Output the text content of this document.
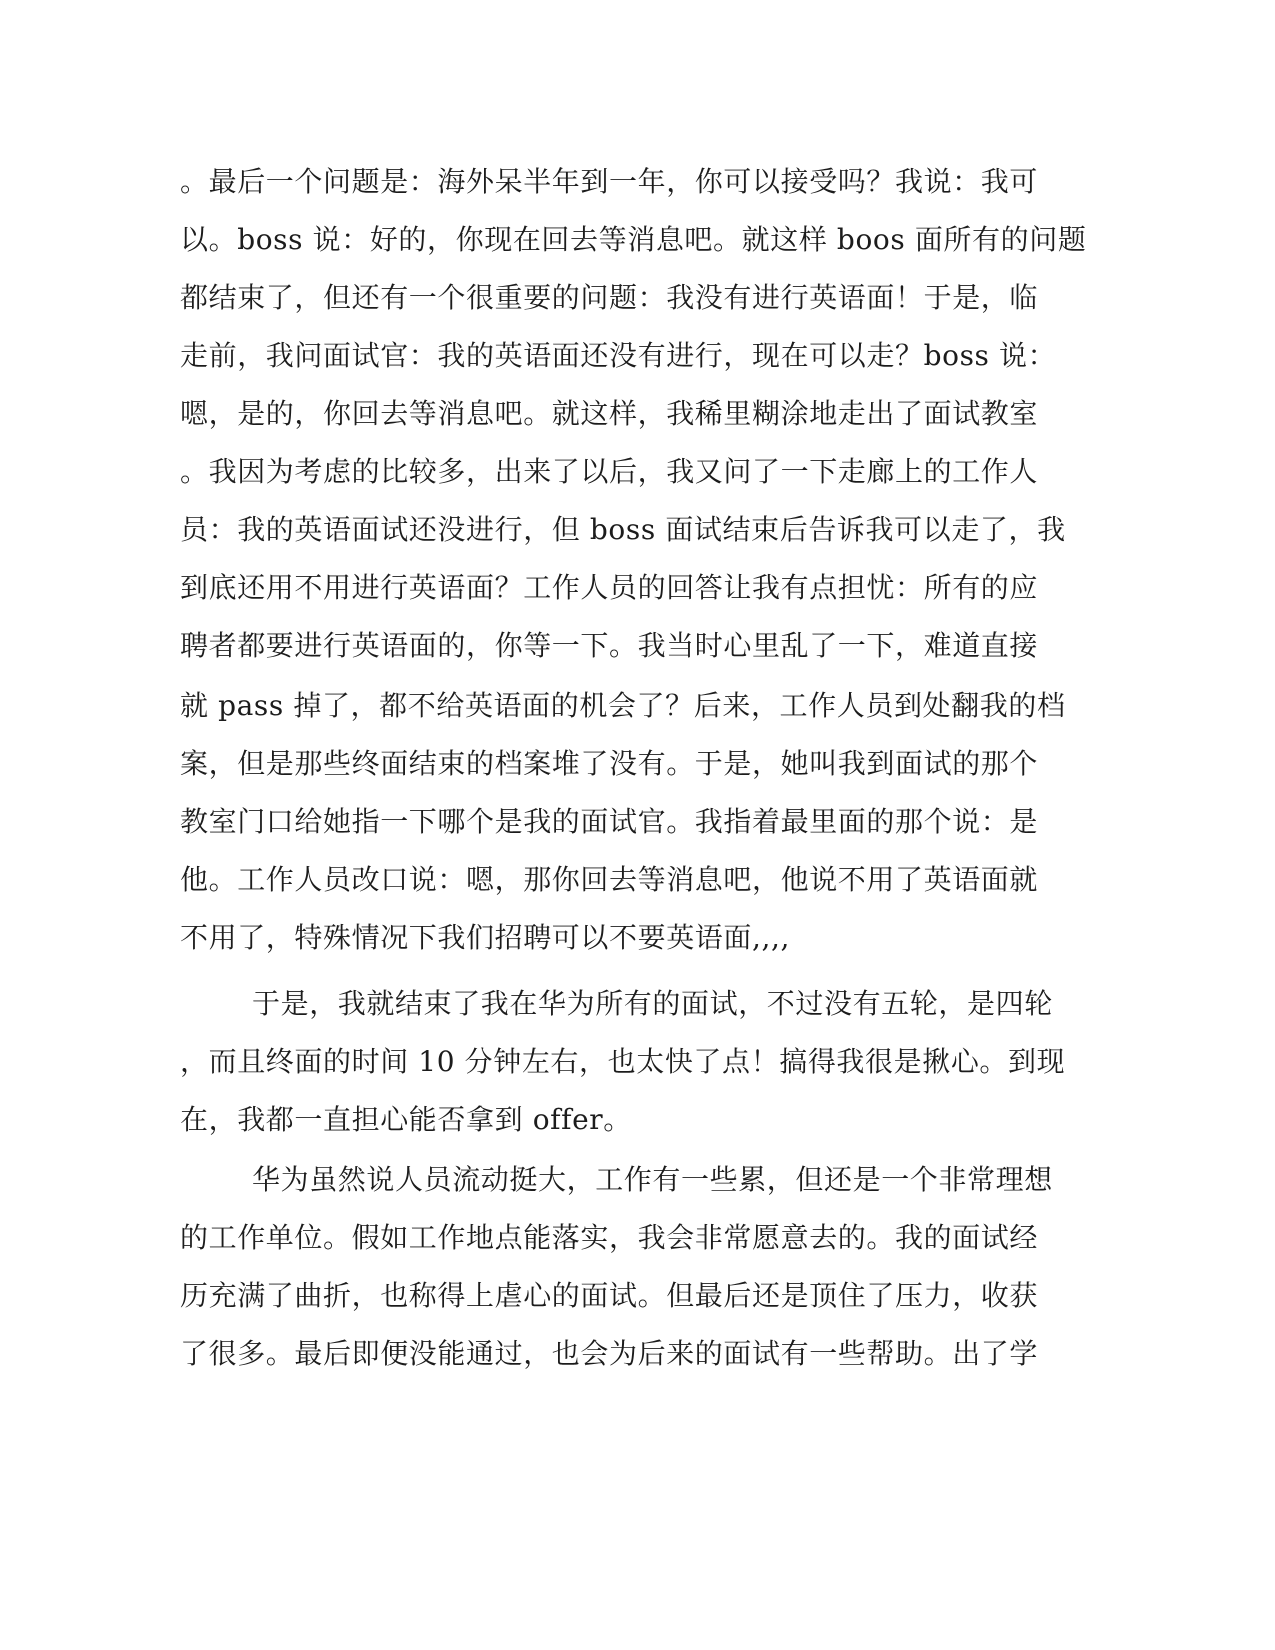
。最后一个问题是：海外呆半年到一年，你可以接受吗？我说：我可
以。boss 说：好的，你现在回去等消息吧。就这样 boos 面所有的问题
都结束了，但还有一个很重要的问题：我没有进行英语面！于是，临
走前，我问面试官：我的英语面还没有进行，现在可以走？boss 说：
嗯，是的，你回去等消息吧。就这样，我稀里糊涂地走出了面试教室
。我因为考虑的比较多，出来了以后，我又问了一下走廊上的工作人
员：我的英语面试还没进行，但 boss 面试结束后告诉我可以走了，我
到底还用不用进行英语面？工作人员的回答让我有点担忧：所有的应
聘者都要进行英语面的，你等一下。我当时心里乱了一下，难道直接
就 pass 掉了，都不给英语面的机会了？后来，工作人员到处翻我的档
案，但是那些终面结束的档案堆了没有。于是，她叫我到面试的那个
教室门口给她指一下哪个是我的面试官。我指着最里面的那个说：是
他。工作人员改口说：嗯，那你回去等消息吧，他说不用了英语面就
不用了，特殊情况下我们招聘可以不要英语面,,,,
于是，我就结束了我在华为所有的面试，不过没有五轮，是四轮
，而且终面的时间 10 分钟左右，也太快了点！搞得我很是揪心。到现
在，我都一直担心能否拿到 offer。
华为虽然说人员流动挺大，工作有一些累，但还是一个非常理想
的工作单位。假如工作地点能落实，我会非常愿意去的。我的面试经
历充满了曲折，也称得上虐心的面试。但最后还是顶住了压力，收获
了很多。最后即便没能通过，也会为后来的面试有一些帮助。出了学
